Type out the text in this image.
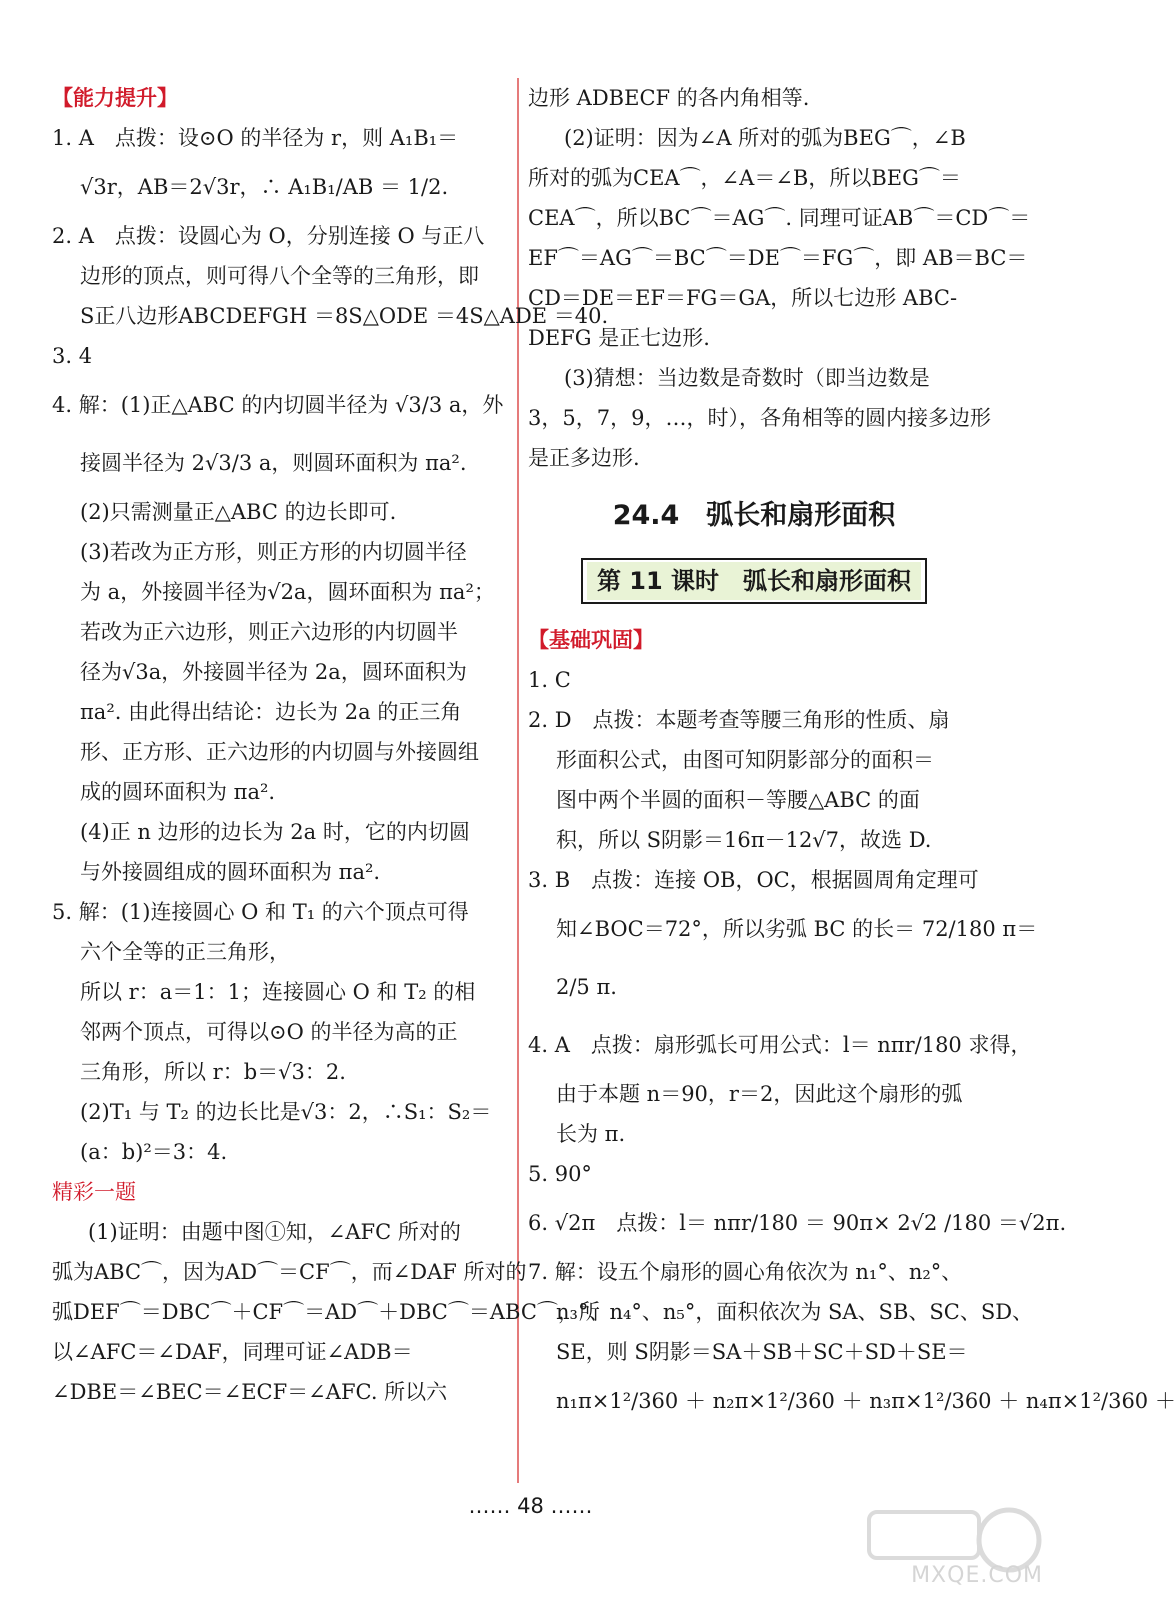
【能力提升】
1. A　点拨：设⊙O 的半径为 r，则 A₁B₁＝
√3r，AB＝2√3r，∴ A₁B₁/AB ＝ 1/2.
2. A　点拨：设圆心为 O，分别连接 O 与正八
边形的顶点，则可得八个全等的三角形，即
S正八边形ABCDEFGH ＝8S△ODE ＝4S△ADE ＝40.
3. 4
4. 解：(1)正△ABC 的内切圆半径为 √3/3 a，外
接圆半径为 2√3/3 a，则圆环面积为 πa².
(2)只需测量正△ABC 的边长即可.
(3)若改为正方形，则正方形的内切圆半径
为 a，外接圆半径为√2a，圆环面积为 πa²；
若改为正六边形，则正六边形的内切圆半
径为√3a，外接圆半径为 2a，圆环面积为
πa². 由此得出结论：边长为 2a 的正三角
形、正方形、正六边形的内切圆与外接圆组
成的圆环面积为 πa².
(4)正 n 边形的边长为 2a 时，它的内切圆
与外接圆组成的圆环面积为 πa².
5. 解：(1)连接圆心 O 和 T₁ 的六个顶点可得
六个全等的正三角形，
所以 r：a＝1：1；连接圆心 O 和 T₂ 的相
邻两个顶点，可得以⊙O 的半径为高的正
三角形，所以 r：b＝√3：2.
(2)T₁ 与 T₂ 的边长比是√3：2，∴S₁：S₂＝
(a：b)²＝3：4.
精彩一题
(1)证明：由题中图①知，∠AFC 所对的
弧为ABC⌒，因为AD⌒＝CF⌒，而∠DAF 所对的
弧DEF⌒＝DBC⌒＋CF⌒＝AD⌒＋DBC⌒＝ABC⌒，所
以∠AFC＝∠DAF，同理可证∠ADB＝
∠DBE＝∠BEC＝∠ECF＝∠AFC. 所以六
边形 ADBECF 的各内角相等.
(2)证明：因为∠A 所对的弧为BEG⌒，∠B
所对的弧为CEA⌒，∠A＝∠B，所以BEG⌒＝
CEA⌒，所以BC⌒＝AG⌒. 同理可证AB⌒＝CD⌒＝
EF⌒＝AG⌒＝BC⌒＝DE⌒＝FG⌒，即 AB＝BC＝
CD＝DE＝EF＝FG＝GA，所以七边形 ABC-
DEFG 是正七边形.
(3)猜想：当边数是奇数时（即当边数是
3，5，7，9，…，时），各角相等的圆内接多边形
是正多边形.
24.4　弧长和扇形面积
第 11 课时　弧长和扇形面积
【基础巩固】
1. C
2. D　点拨：本题考查等腰三角形的性质、扇
形面积公式，由图可知阴影部分的面积＝
图中两个半圆的面积－等腰△ABC 的面
积，所以 S阴影＝16π－12√7，故选 D.
3. B　点拨：连接 OB，OC，根据圆周角定理可
知∠BOC＝72°，所以劣弧 BC 的长＝ 72/180 π＝
2/5 π.
4. A　点拨：扇形弧长可用公式：l＝ nπr/180 求得，
由于本题 n＝90，r＝2，因此这个扇形的弧
长为 π.
5. 90°
6. √2π　点拨：l＝ nπr/180 ＝ 90π× 2√2 /180 ＝√2π.
7. 解：设五个扇形的圆心角依次为 n₁°、n₂°、
n₃°、n₄°、n₅°，面积依次为 SA、SB、SC、SD、
SE，则 S阴影＝SA＋SB＋SC＋SD＋SE＝
n₁π×1²/360 ＋ n₂π×1²/360 ＋ n₃π×1²/360 ＋ n₄π×1²/360 ＋
…… 48 ……
MXQE.COM
